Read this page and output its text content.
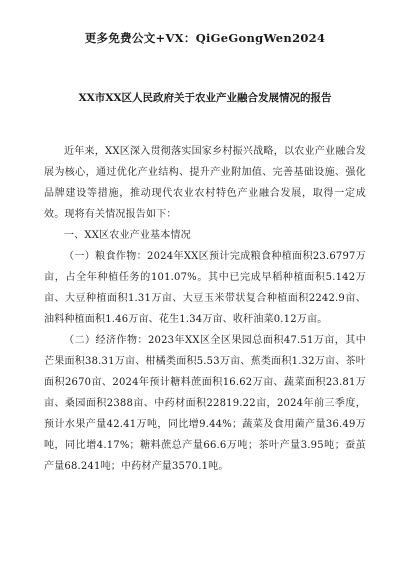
更多免费公文+VX：QiGeGongWen2024
XX市XX区人民政府关于农业产业融合发展情况的报告

近年来，XX区深入贯彻落实国家乡村振兴战略，以农业产业融合发展为核心，通过优化产业结构、提升产业附加值、完善基础设施、强化品牌建设等措施，推动现代农业农村特色产业融合发展，取得一定成效。现将有关情况报告如下：

一、XX区农业产业基本情况

（一）粮食作物：2024年XX区预计完成粮食种植面积23.6797万亩，占全年种植任务的101.07%。其中已完成早稻种植面积5.142万亩、大豆种植面积1.31万亩、大豆玉米带状复合种植面积2242.9亩、油料种植面积1.46万亩、花生1.34万亩、收秆油菜0.12万亩。

（二）经济作物：2023年XX区全区果园总面积47.51万亩，其中芒果面积38.31万亩、柑橘类面积5.53万亩、蕉类面积1.32万亩、茶叶面积2670亩、2024年预计糖料蔗面积16.62万亩、蔬菜面积23.81万亩、桑园面积2388亩、中药材面积22819.22亩，2024年前三季度，预计水果产量42.41万吨，同比增9.44%；蔬菜及食用菌产量36.49万吨，同比增4.17%；糖料蔗总产量66.6万吨；茶叶产量3.95吨；蚕茧产量68.241吨；中药材产量3570.1吨。
